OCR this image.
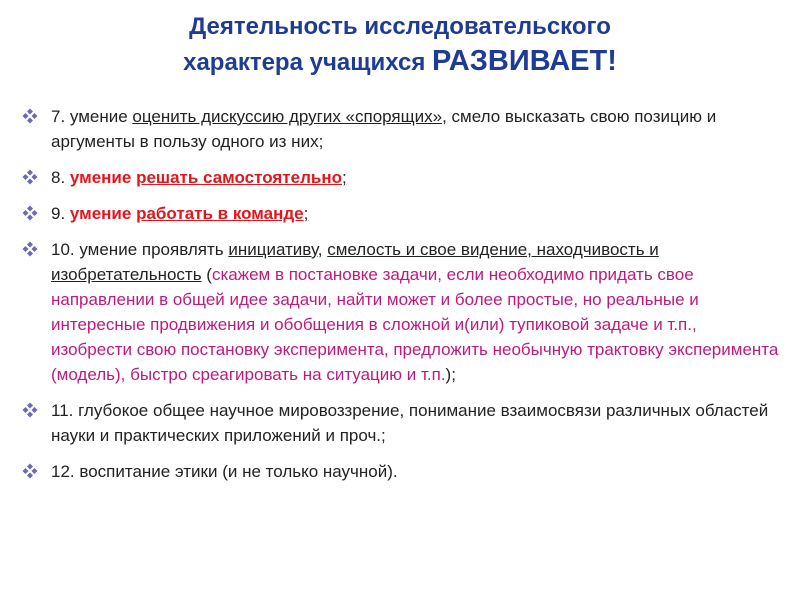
Деятельность исследовательского
характера учащихся РАЗВИВАЕТ!
7. умение оценить дискуссию других «спорящих», смело высказать свою позицию и аргументы в пользу одного из них;
8. умение решать самостоятельно;
9. умение работать в команде;
10. умение проявлять инициативу, смелость и свое видение, находчивость и изобретательность (скажем в постановке задачи, если необходимо придать свое направлении в общей идее задачи, найти может и более простые, но реальные и интересные продвижения и обобщения в сложной и(или) тупиковой задаче и т.п., изобрести свою постановку эксперимента, предложить необычную трактовку эксперимента (модель), быстро среагировать на ситуацию и т.п.);
11. глубокое общее научное мировоззрение, понимание взаимосвязи различных областей науки и практических приложений и проч.;
12. воспитание этики (и не только научной).
